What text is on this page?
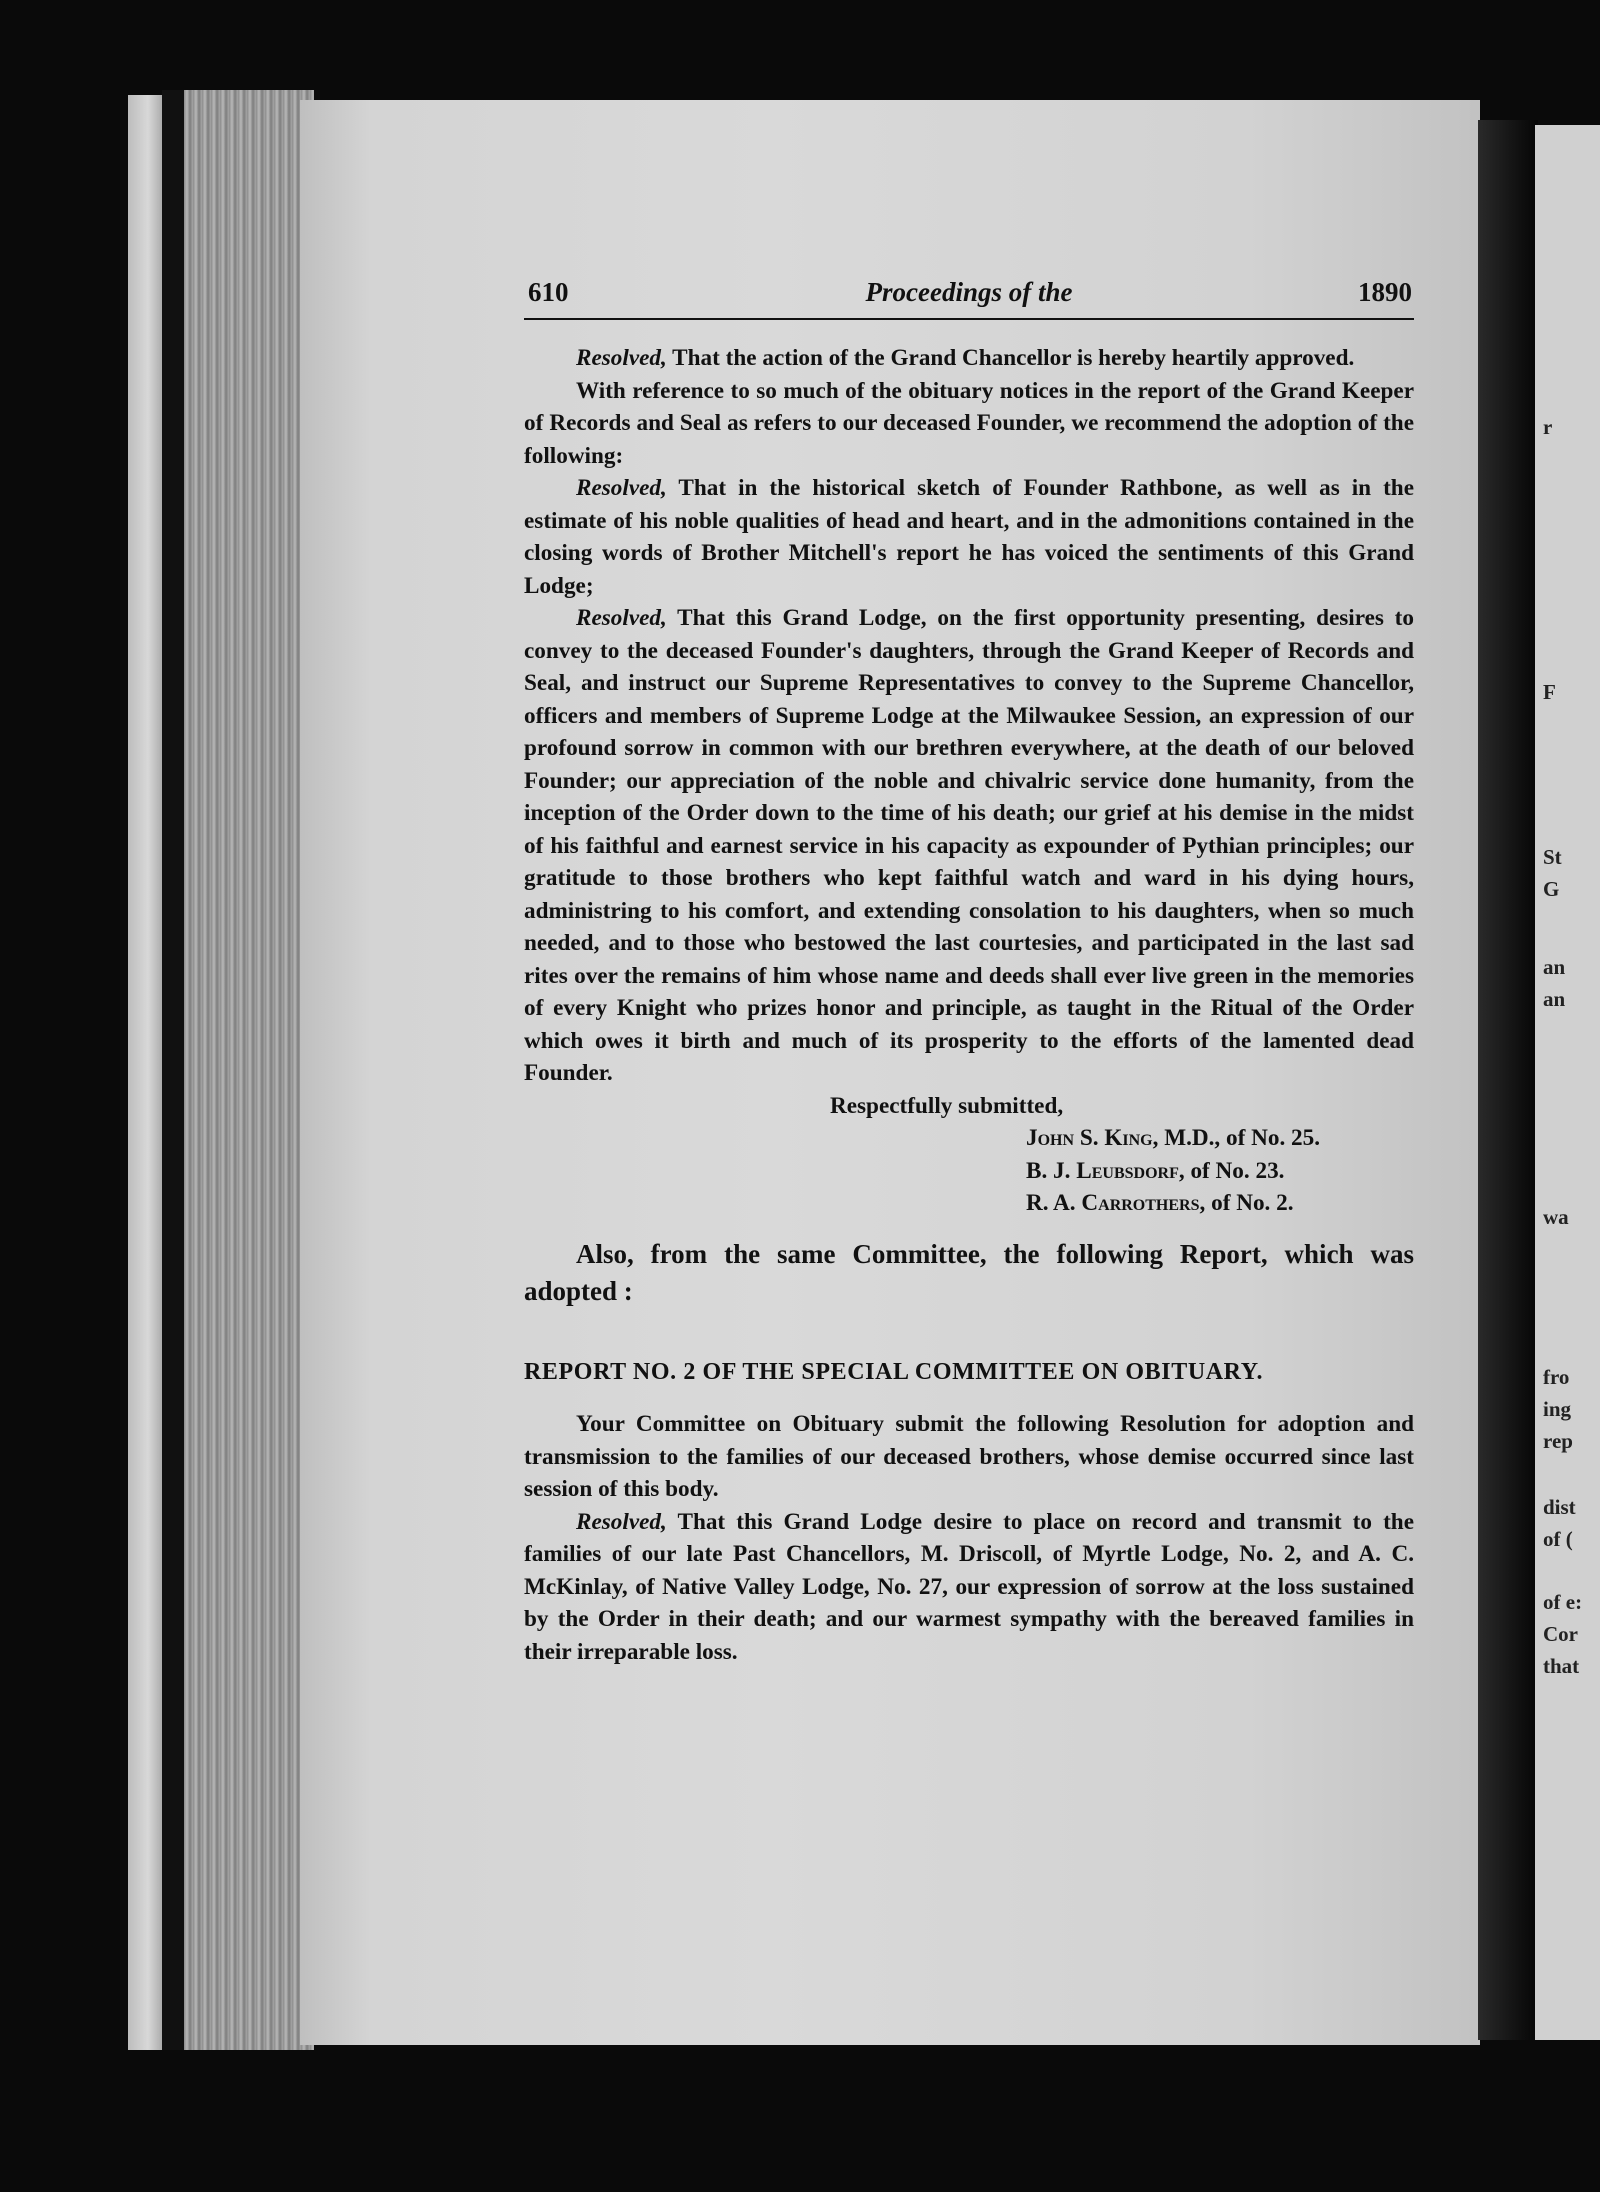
r
F
St
G
an
an
wa
fro
ing
rep
dist
of (
of e:
Cor
that
610	Proceedings of the	1890

Resolved, That the action of the Grand Chancellor is hereby heartily approved.

With reference to so much of the obituary notices in the report of the Grand Keeper of Records and Seal as refers to our deceased Founder, we recommend the adoption of the following:

Resolved, That in the historical sketch of Founder Rathbone, as well as in the estimate of his noble qualities of head and heart, and in the admonitions contained in the closing words of Brother Mitchell's report he has voiced the sentiments of this Grand Lodge;

Resolved, That this Grand Lodge, on the first opportunity presenting, desires to convey to the deceased Founder's daughters, through the Grand Keeper of Records and Seal, and instruct our Supreme Representatives to convey to the Supreme Chancellor, officers and members of Supreme Lodge at the Milwaukee Session, an expression of our profound sorrow in common with our brethren everywhere, at the death of our beloved Founder; our appreciation of the noble and chivalric service done humanity, from the inception of the Order down to the time of his death; our grief at his demise in the midst of his faithful and earnest service in his capacity as expounder of Pythian principles; our gratitude to those brothers who kept faithful watch and ward in his dying hours, administring to his comfort, and extending consolation to his daughters, when so much needed, and to those who bestowed the last courtesies, and participated in the last sad rites over the remains of him whose name and deeds shall ever live green in the memories of every Knight who prizes honor and principle, as taught in the Ritual of the Order which owes it birth and much of its prosperity to the efforts of the lamented dead Founder.

Respectfully submitted,

John S. King, M.D., of No. 25.

B. J. Leubsdorf, of No. 23.

R. A. Carrothers, of No. 2.

Also, from the same Committee, the following Report, which was adopted :

REPORT NO. 2 OF THE SPECIAL COMMITTEE ON OBITUARY.

Your Committee on Obituary submit the following Resolution for adoption and transmission to the families of our deceased brothers, whose demise occurred since last session of this body.

Resolved, That this Grand Lodge desire to place on record and transmit to the families of our late Past Chancellors, M. Driscoll, of Myrtle Lodge, No. 2, and A. C. McKinlay, of Native Valley Lodge, No. 27, our expression of sorrow at the loss sustained by the Order in their death; and our warmest sympathy with the bereaved families in their irreparable loss.
